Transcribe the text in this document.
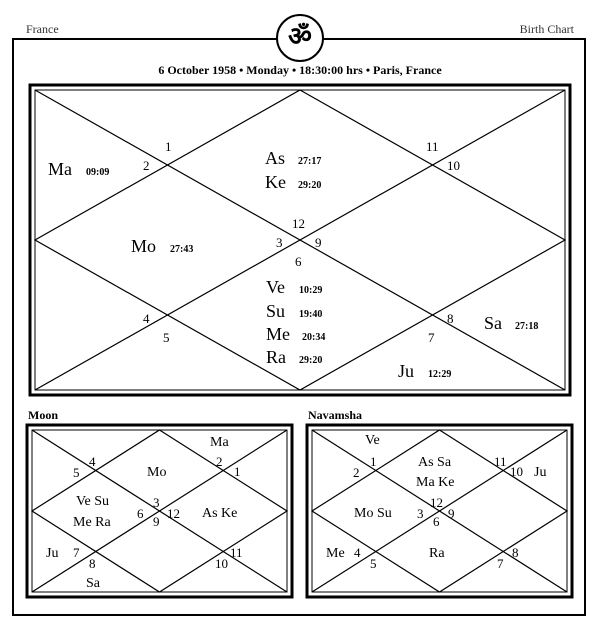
France	Birth Chart
ॐ
6 October 1958 • Monday • 18:30:00 hrs • Paris, France
1
2
3
4
5
6
7
8
9
10
11
12
Ma 09:09
As 27:17
Ke 29:20
Mo 27:43
Ve 10:29
Su 19:40
Me 20:34
Ra 29:20
Sa 27:18
Ju 12:29
Moon
4
5
2
1
3
6 12
9
7
8
11
10
Ma
Mo
Ve Su
Me Ra
As Ke
Ju
Sa
Navamsha
1
2
11
10
12
3 9
6
4
5
8
7
Ve
As Sa
Ma Ke
Ju
Mo Su
Me	Ra
